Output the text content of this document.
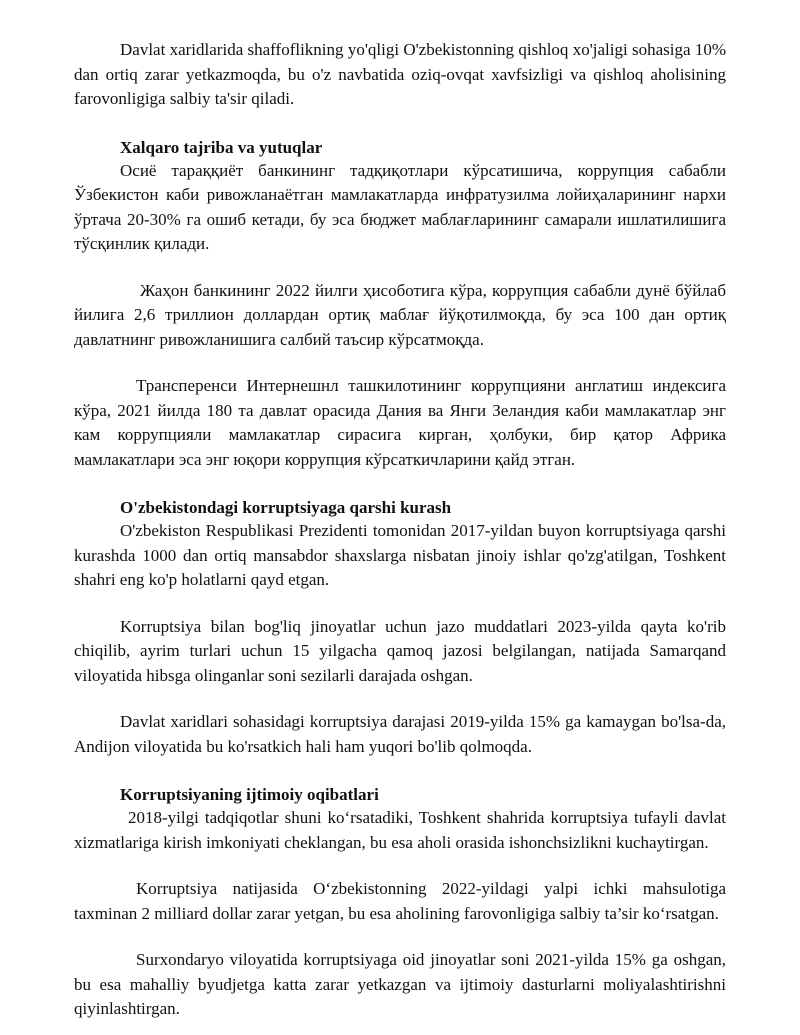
Davlat xaridlarida shaffoflikning yo'qligi O'zbekistonning qishloq xo'jaligi sohasiga 10% dan ortiq zarar yetkazmoqda, bu o'z navbatida oziq-ovqat xavfsizligi va qishloq aholisining farovonligiga salbiy ta'sir qiladi.

Xalqaro tajriba va yutuqlar

Осиё тараққиёт банкининг тадқиқотлари кўрсатишича, коррупция сабабли Ўзбекистон каби ривожланаётган мамлакатларда инфратузилма лойиҳаларининг нархи ўртача 20-30% га ошиб кетади, бу эса бюджет маблағларининг самарали ишлатилишига тўсқинлик қилади.

Жаҳон банкининг 2022 йилги ҳисоботига кўра, коррупция сабабли дунё бўйлаб йилига 2,6 триллион доллардан ортиқ маблағ йўқотилмоқда, бу эса 100 дан ортиқ давлатнинг ривожланишига салбий таъсир кўрсатмоқда.

Трансперенси Интернешнл ташкилотининг коррупцияни англатиш индексига кўра, 2021 йилда 180 та давлат орасида Дания ва Янги Зеландия каби мамлакатлар энг кам коррупцияли мамлакатлар сирасига кирган, ҳолбуки, бир қатор Африка мамлакатлари эса энг юқори коррупция кўрсаткичларини қайд этган.

O'zbekistondagi korruptsiyaga qarshi kurash

O'zbekiston Respublikasi Prezidenti tomonidan 2017-yildan buyon korruptsiyaga qarshi kurashda 1000 dan ortiq mansabdor shaxslarga nisbatan jinoiy ishlar qo'zg'atilgan, Toshkent shahri eng ko'p holatlarni qayd etgan.

Korruptsiya bilan bog'liq jinoyatlar uchun jazo muddatlari 2023-yilda qayta ko'rib chiqilib, ayrim turlari uchun 15 yilgacha qamoq jazosi belgilangan, natijada Samarqand viloyatida hibsga olinganlar soni sezilarli darajada oshgan.

Davlat xaridlari sohasidagi korruptsiya darajasi 2019-yilda 15% ga kamaygan bo'lsa-da, Andijon viloyatida bu ko'rsatkich hali ham yuqori bo'lib qolmoqda.

Korruptsiyaning ijtimoiy oqibatlari

2018-yilgi tadqiqotlar shuni ko‘rsatadiki, Toshkent shahrida korruptsiya tufayli davlat xizmatlariga kirish imkoniyati cheklangan, bu esa aholi orasida ishonchsizlikni kuchaytirgan.

Korruptsiya natijasida O‘zbekistonning 2022-yildagi yalpi ichki mahsulotiga taxminan 2 milliard dollar zarar yetgan, bu esa aholining farovonligiga salbiy ta’sir ko‘rsatgan.

Surxondaryo viloyatida korruptsiyaga oid jinoyatlar soni 2021-yilda 15% ga oshgan, bu esa mahalliy byudjetga katta zarar yetkazgan va ijtimoiy dasturlarni moliyalashtirishni qiyinlashtirgan.
